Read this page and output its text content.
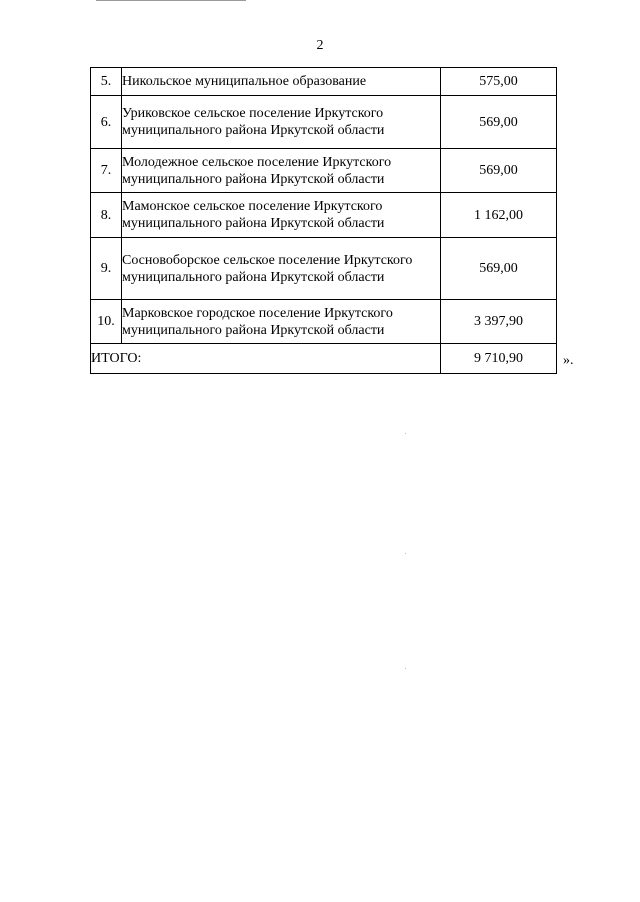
2
5.	Никольское муниципальное образование	575,00
6.	Уриковское сельское поселение Иркутского муниципального района Иркутской области	569,00
7.	Молодежное сельское поселение Иркутского муниципального района Иркутской области	569,00
8.	Мамонское сельское поселение Иркутского муниципального района Иркутской области	1 162,00
9.	Сосновоборское сельское поселение Иркутского муниципального района Иркутской области	569,00
10.	Марковское городское поселение Иркутского муниципального района Иркутской области	3 397,90
ИТОГО:		9 710,90	».
